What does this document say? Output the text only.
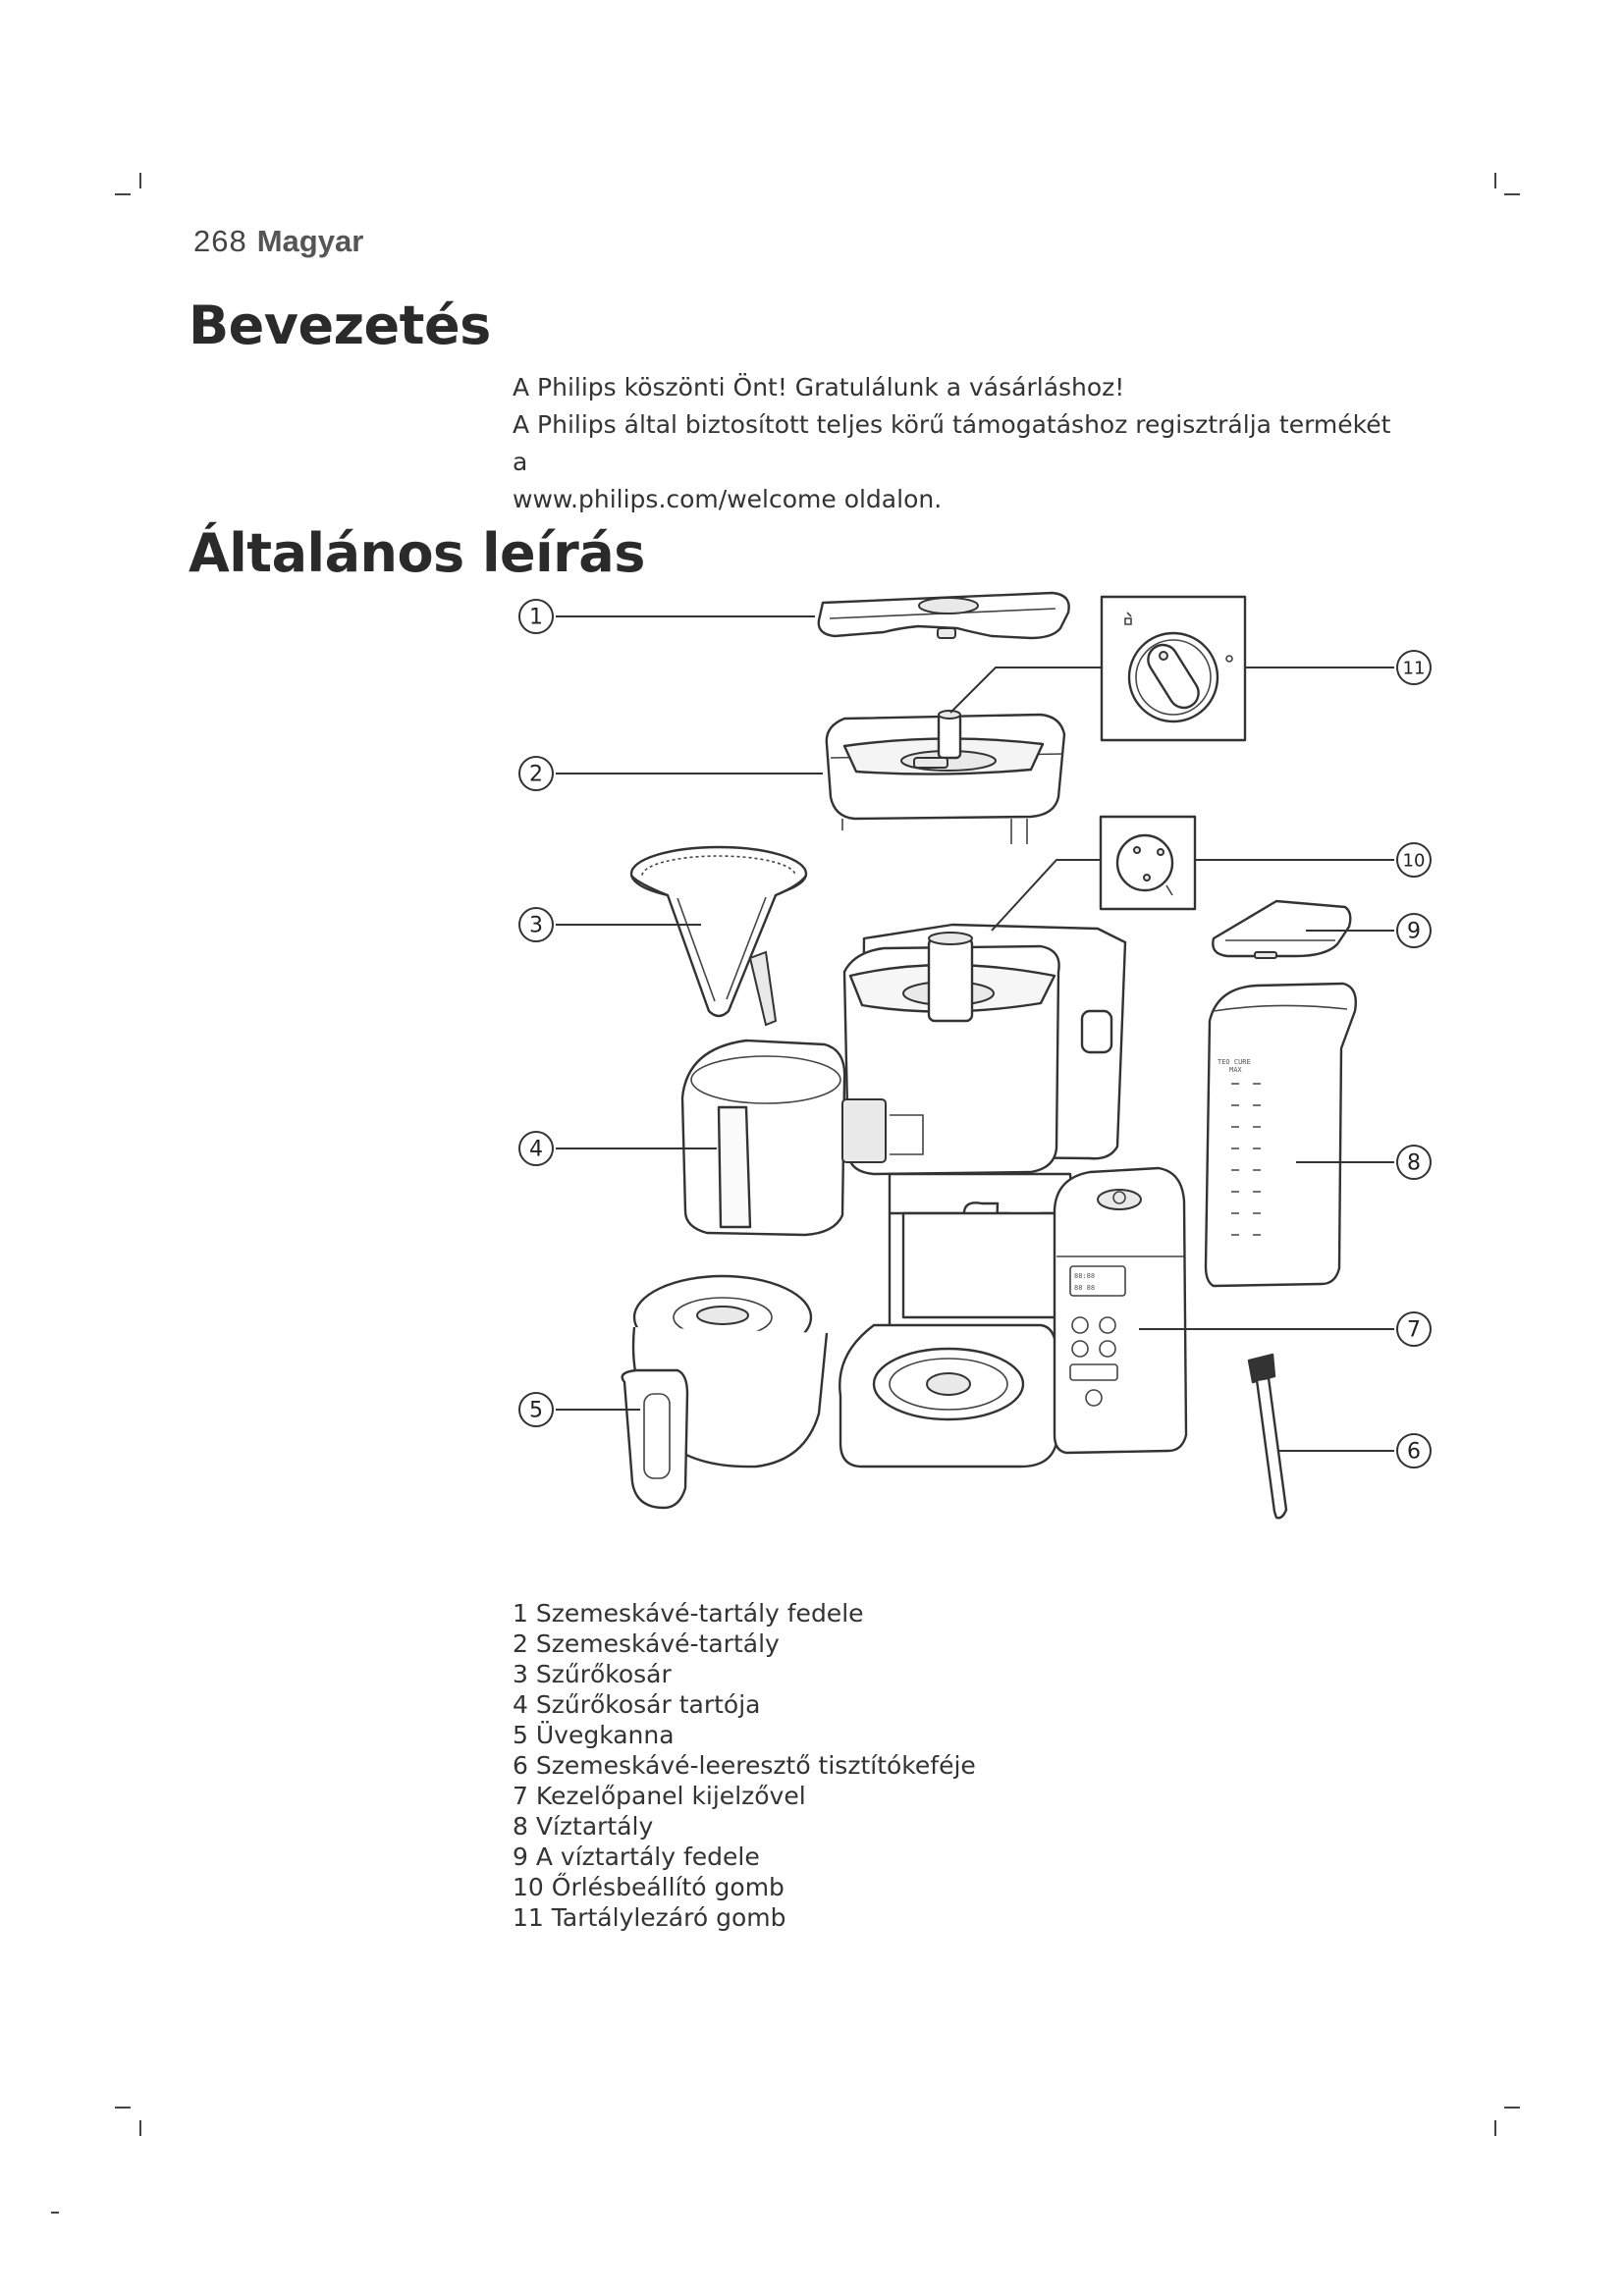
268 Magyar
Bevezetés

A Philips köszönti Önt! Gratulálunk a vásárláshoz!

A Philips által biztosított teljes körű támogatáshoz regisztrálja termékét a

www.philips.com/welcome oldalon.

Általános leírás
88:88
88 88
TEO CURE
MAX
1
2
3
4
5
6
7
8
9
10
11
1 Szemeskávé-tartály fedele
2 Szemeskávé-tartály
3 Szűrőkosár
4 Szűrőkosár tartója
5 Üvegkanna
6 Szemeskávé-leeresztő tisztítókeféje
7 Kezelőpanel kijelzővel
8 Víztartály
9 A víztartály fedele
10 Őrlésbeállító gomb
11 Tartálylezáró gomb
